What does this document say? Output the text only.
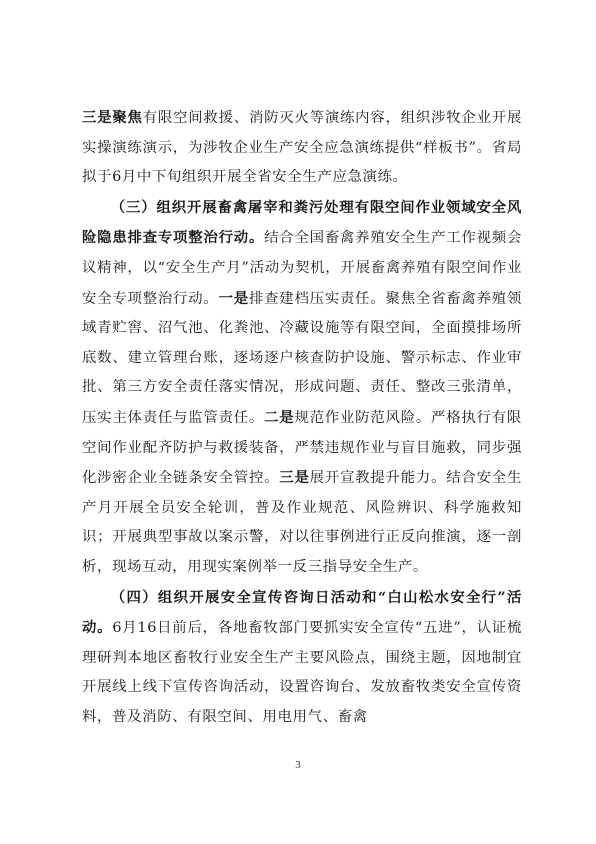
三是聚焦有限空间救援、消防灭火等演练内容，组织涉牧企业开展实操演练演示，为涉牧企业生产安全应急演练提供“样板书”。省局拟于6月中下旬组织开展全省安全生产应急演练。

（三）组织开展畜禽屠宰和粪污处理有限空间作业领域安全风险隐患排查专项整治行动。结合全国畜禽养殖安全生产工作视频会议精神，以“安全生产月”活动为契机，开展畜禽养殖有限空间作业安全专项整治行动。一是排查建档压实责任。聚焦全省畜禽养殖领域青贮窖、沼气池、化粪池、冷藏设施等有限空间，全面摸排场所底数、建立管理台账，逐场逐户核查防护设施、警示标志、作业审批、第三方安全责任落实情况，形成问题、责任、整改三张清单，压实主体责任与监管责任。二是规范作业防范风险。严格执行有限空间作业配齐防护与救援装备，严禁违规作业与盲目施救，同步强化涉密企业全链条安全管控。三是展开宣教提升能力。结合安全生产月开展全员安全轮训，普及作业规范、风险辨识、科学施救知识；开展典型事故以案示警，对以往事例进行正反向推演，逐一剖析，现场互动，用现实案例举一反三指导安全生产。

（四）组织开展安全宣传咨询日活动和“白山松水安全行”活动。6月16日前后，各地畜牧部门要抓实安全宣传“五进”，认证梳理研判本地区畜牧行业安全生产主要风险点，围绕主题，因地制宜开展线上线下宣传咨询活动，设置咨询台、发放畜牧类安全宣传资料，普及消防、有限空间、用电用气、畜禽

3
